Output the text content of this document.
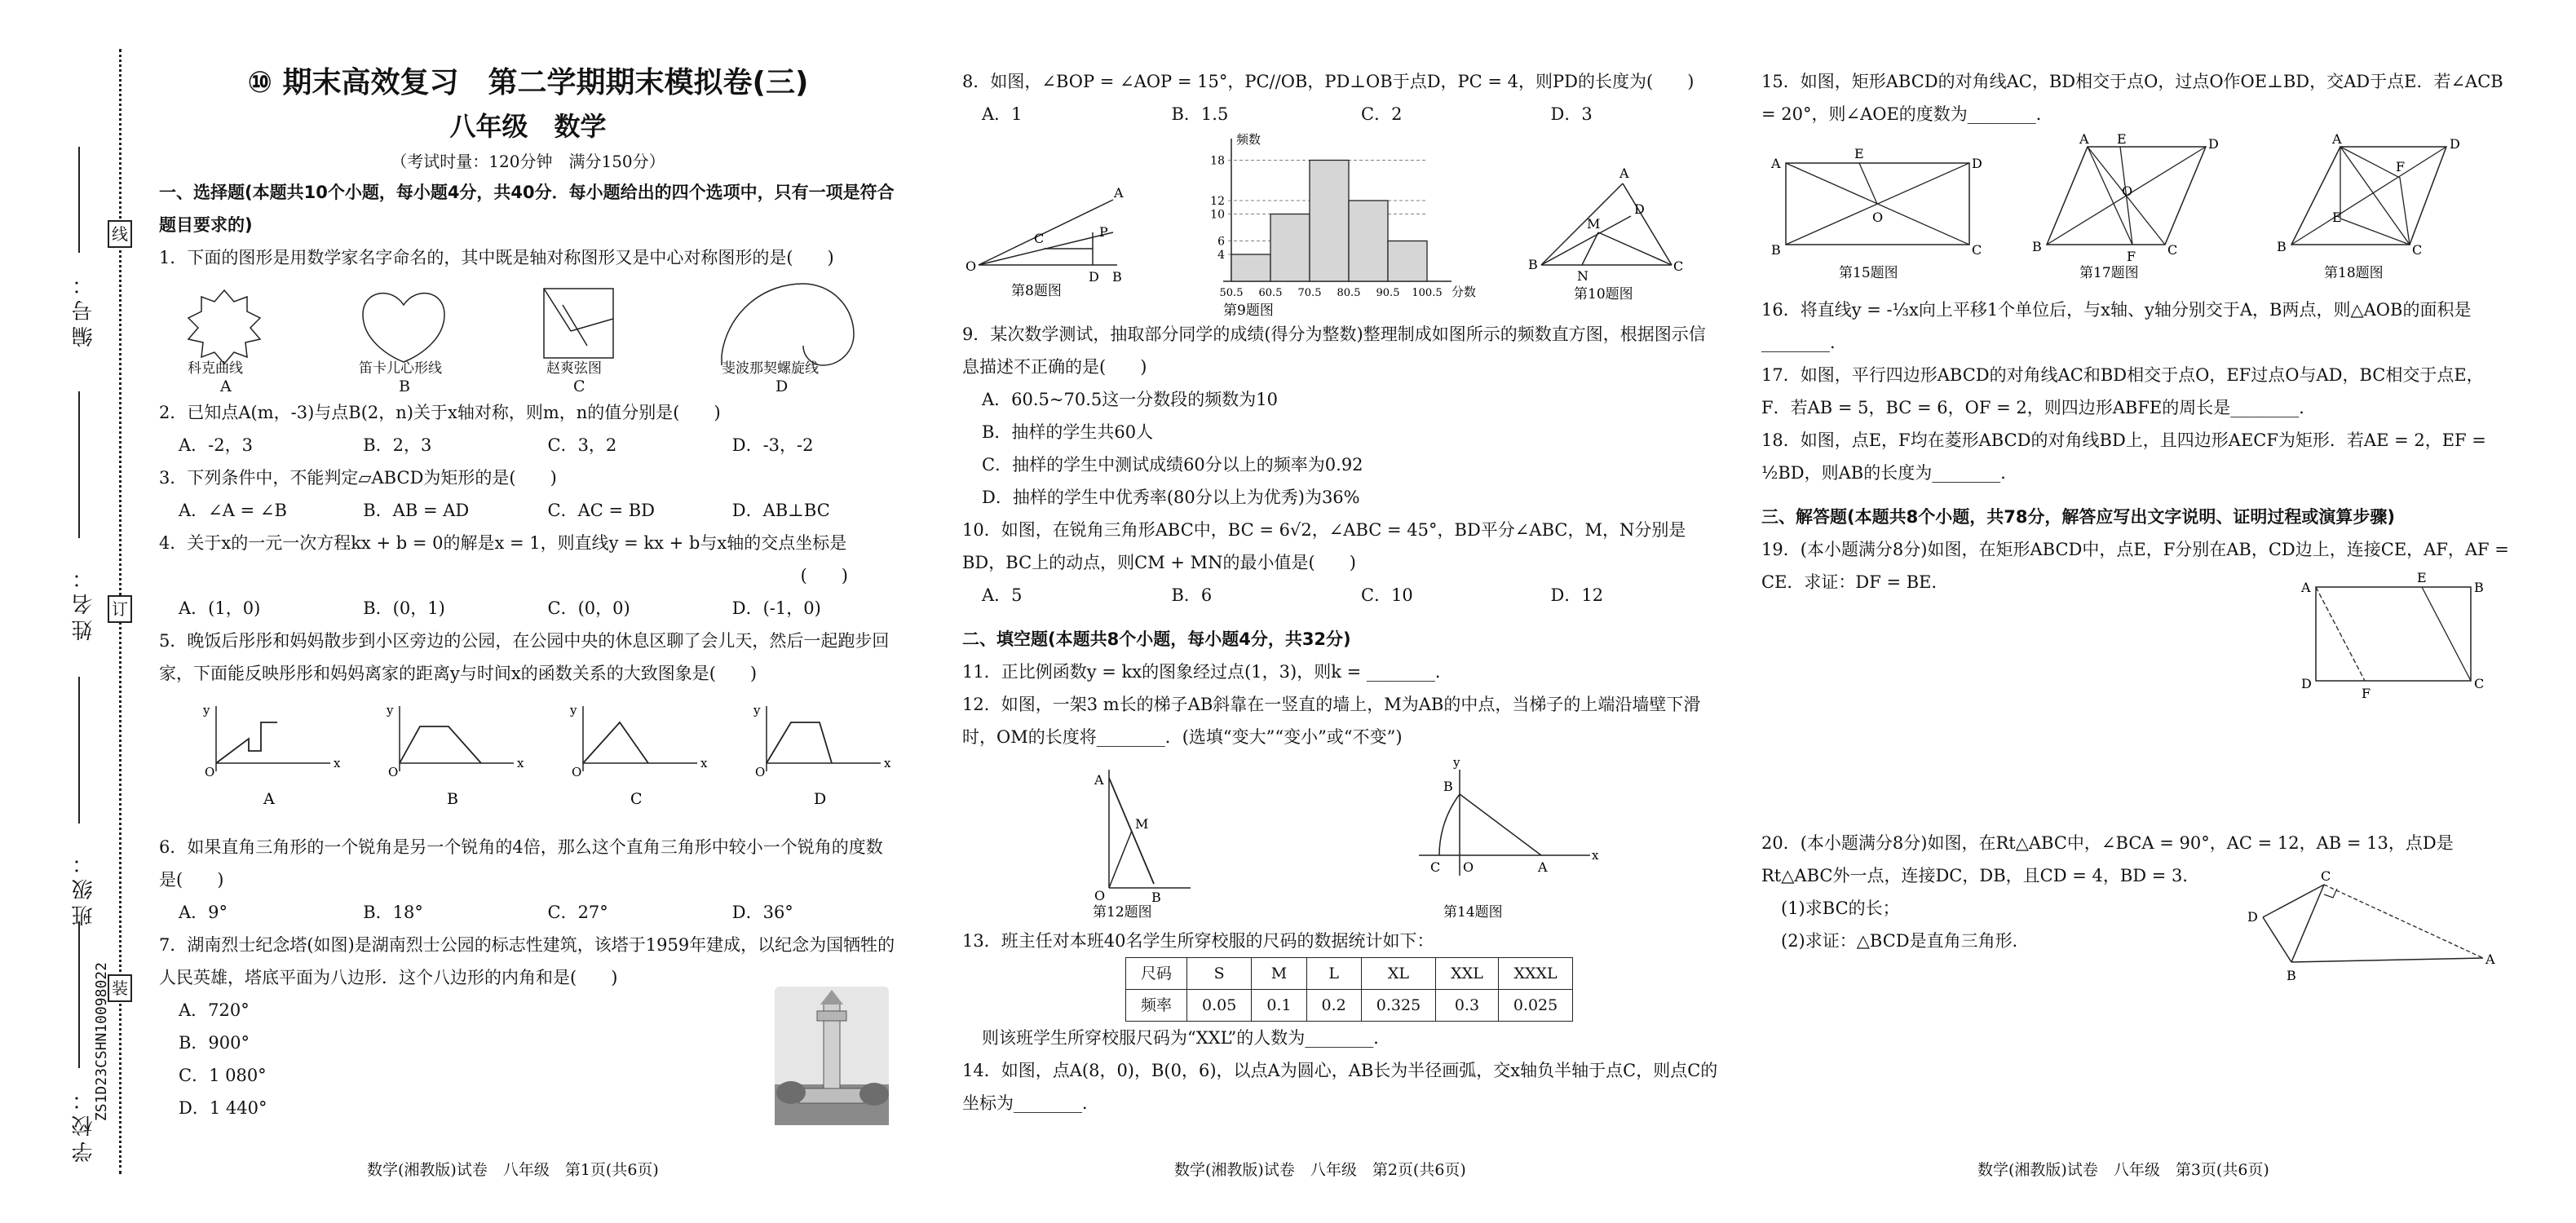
线
订
装
编号：
姓名：
班级：
学校：
ZS1D23CSHN10098022
⑩ 期末高效复习　第二学期期末模拟卷(三)
八年级　数学
（考试时量：120分钟　满分150分）

一、选择题(本题共10个小题，每小题4分，共40分．每小题给出的四个选项中，只有一项是符合题目要求的)

1．下面的图形是用数学家名字命名的，其中既是轴对称图形又是中心对称图形的是(　　)

科克曲线	笛卡儿心形线	赵爽弦图	斐波那契螺旋线
A	B	C	D

2．已知点A(m，-3)与点B(2，n)关于x轴对称，则m，n的值分别是(　　)

A．-2，3	B．2，3	C．3，2	D．-3，-2

3．下列条件中，不能判定▱ABCD为矩形的是(　　)

A．∠A = ∠B	B．AB = AD	C．AC = BD	D．AB⊥BC

4．关于x的一元一次方程kx + b = 0的解是x = 1，则直线y = kx + b与x轴的交点坐标是

(　　)

A．(1，0)	B．(0，1)	C．(0，0)	D．(-1，0)

5．晚饭后彤彤和妈妈散步到小区旁边的公园，在公园中央的休息区聊了会儿天，然后一起跑步回家，下面能反映彤彤和妈妈离家的距离y与时间x的函数关系的大致图象是(　　)

y
x
O
A
y
x
O
B
y
x
O
C
y
x
O
D

6．如果直角三角形的一个锐角是另一个锐角的4倍，那么这个直角三角形中较小一个锐角的度数是(　　)

A．9°	B．18°	C．27°	D．36°

7．湖南烈士纪念塔(如图)是湖南烈士公园的标志性建筑，该塔于1959年建成，以纪念为国牺牲的人民英雄，塔底平面为八边形．这个八边形的内角和是(　　)

A．720°
B．900°
C．1 080°
D．1 440°
数学(湘教版)试卷　八年级　第1页(共6页)

8．如图，∠BOP = ∠AOP = 15°，PC//OB，PD⊥OB于点D，PC = 4，则PD的长度为(　　)

A．1	B．1.5	C．2	D．3
O
A
P
C
D B
第8题图
频数
分数
4
6
10
12
18
50.5 60.5 70.5 80.5 90.5 100.5
第9题图
B
A
C
D
M
N
第10题图

9．某次数学测试，抽取部分同学的成绩(得分为整数)整理制成如图所示的频数直方图，根据图示信息描述不正确的是(　　)

A．60.5~70.5这一分数段的频数为10
B．抽样的学生共60人
C．抽样的学生中测试成绩60分以上的频率为0.92
D．抽样的学生中优秀率(80分以上为优秀)为36%

10．如图，在锐角三角形ABC中，BC = 6√2，∠ABC = 45°，BD平分∠ABC，M，N分别是BD，BC上的动点，则CM + MN的最小值是(　　)

A．5	B．6	C．10	D．12

二、填空题(本题共8个小题，每小题4分，共32分)

11．正比例函数y = kx的图象经过点(1，3)，则k = ________．

12．如图，一架3 m长的梯子AB斜靠在一竖直的墙上，M为AB的中点，当梯子的上端沿墙壁下滑时，OM的长度将________．(选填“变大”“变小”或“不变”)

A
M
O	B
第12题图
B
C O	A
x
y
第14题图

13．班主任对本班40名学生所穿校服的尺码的数据统计如下：

尺码	S	M	L	XL	XXL	XXXL
频率	0.05	0.1	0.2	0.325	0.3	0.025

则该班学生所穿校服尺码为“XXL”的人数为________．

14．如图，点A(8，0)，B(0，6)，以点A为圆心，AB长为半径画弧，交x轴负半轴于点C，则点C的坐标为________．

数学(湘教版)试卷　八年级　第2页(共6页)

15．如图，矩形ABCD的对角线AC，BD相交于点O，过点O作OE⊥BD，交AD于点E．若∠ACB = 20°，则∠AOE的度数为________．

A
E
D
B
O
C
第15题图
A E	D
B
O
F C
第17题图
A	D
B	C
E
F
第18题图

16．将直线y = -⅓x向上平移1个单位后，与x轴、y轴分别交于A，B两点，则△AOB的面积是________．

17．如图，平行四边形ABCD的对角线AC和BD相交于点O，EF过点O与AD，BC相交于点E，F．若AB = 5，BC = 6，OF = 2，则四边形ABFE的周长是________．

18．如图，点E，F均在菱形ABCD的对角线BD上，且四边形AECF为矩形．若AE = 2，EF = ½BD，则AB的长度为________．

三、解答题(本题共8个小题，共78分，解答应写出文字说明、证明过程或演算步骤)

19．(本小题满分8分)如图，在矩形ABCD中，点E，F分别在AB，CD边上，连接CE，AF，AF = CE．求证：DF = BE．	A
E
B
D
F
C

20．(本小题满分8分)如图，在Rt△ABC中，∠BCA = 90°，AC = 12，AB = 13，点D是Rt△ABC外一点，连接DC，DB，且CD = 4，BD = 3．

(1)求BC的长；

(2)求证：△BCD是直角三角形．

C
D
B
A
数学(湘教版)试卷　八年级　第3页(共6页)
